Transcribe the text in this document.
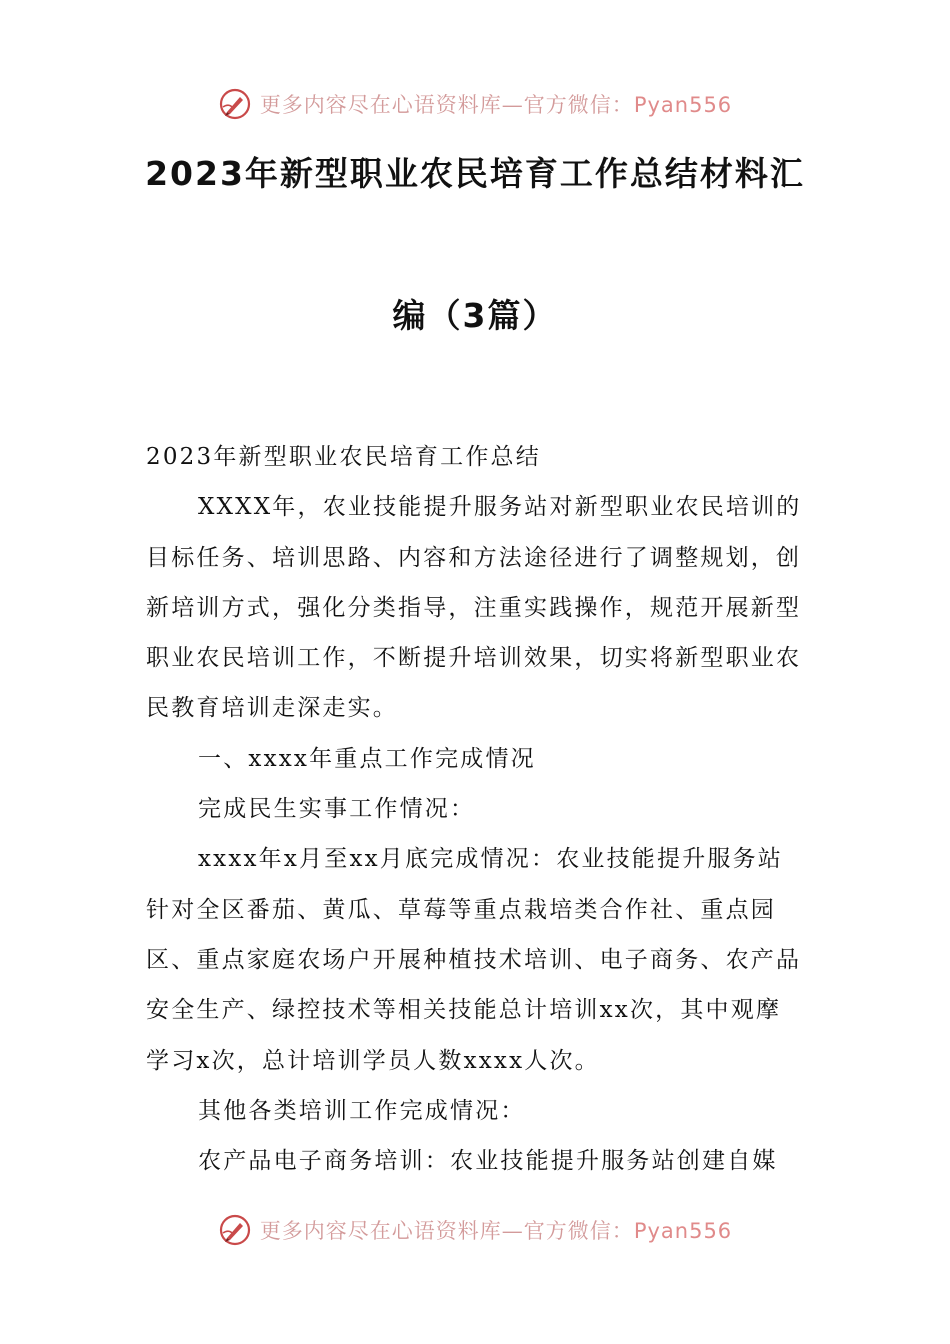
更多内容尽在心语资料库—官方微信：Pyan556
2023年新型职业农民培育工作总结材料汇
编（3篇）

2023年新型职业农民培育工作总结

XXXX年，农业技能提升服务站对新型职业农民培训的目标任务、培训思路、内容和方法途径进行了调整规划，创新培训方式，强化分类指导，注重实践操作，规范开展新型职业农民培训工作，不断提升培训效果，切实将新型职业农民教育培训走深走实。

一、xxxx年重点工作完成情况

完成民生实事工作情况：

xxxx年x月至xx月底完成情况：农业技能提升服务站针对全区番茄、黄瓜、草莓等重点栽培类合作社、重点园区、重点家庭农场户开展种植技术培训、电子商务、农产品安全生产、绿控技术等相关技能总计培训xx次，其中观摩学习x次，总计培训学员人数xxxx人次。

其他各类培训工作完成情况：

农产品电子商务培训：农业技能提升服务站创建自媒

更多内容尽在心语资料库—官方微信：Pyan556
